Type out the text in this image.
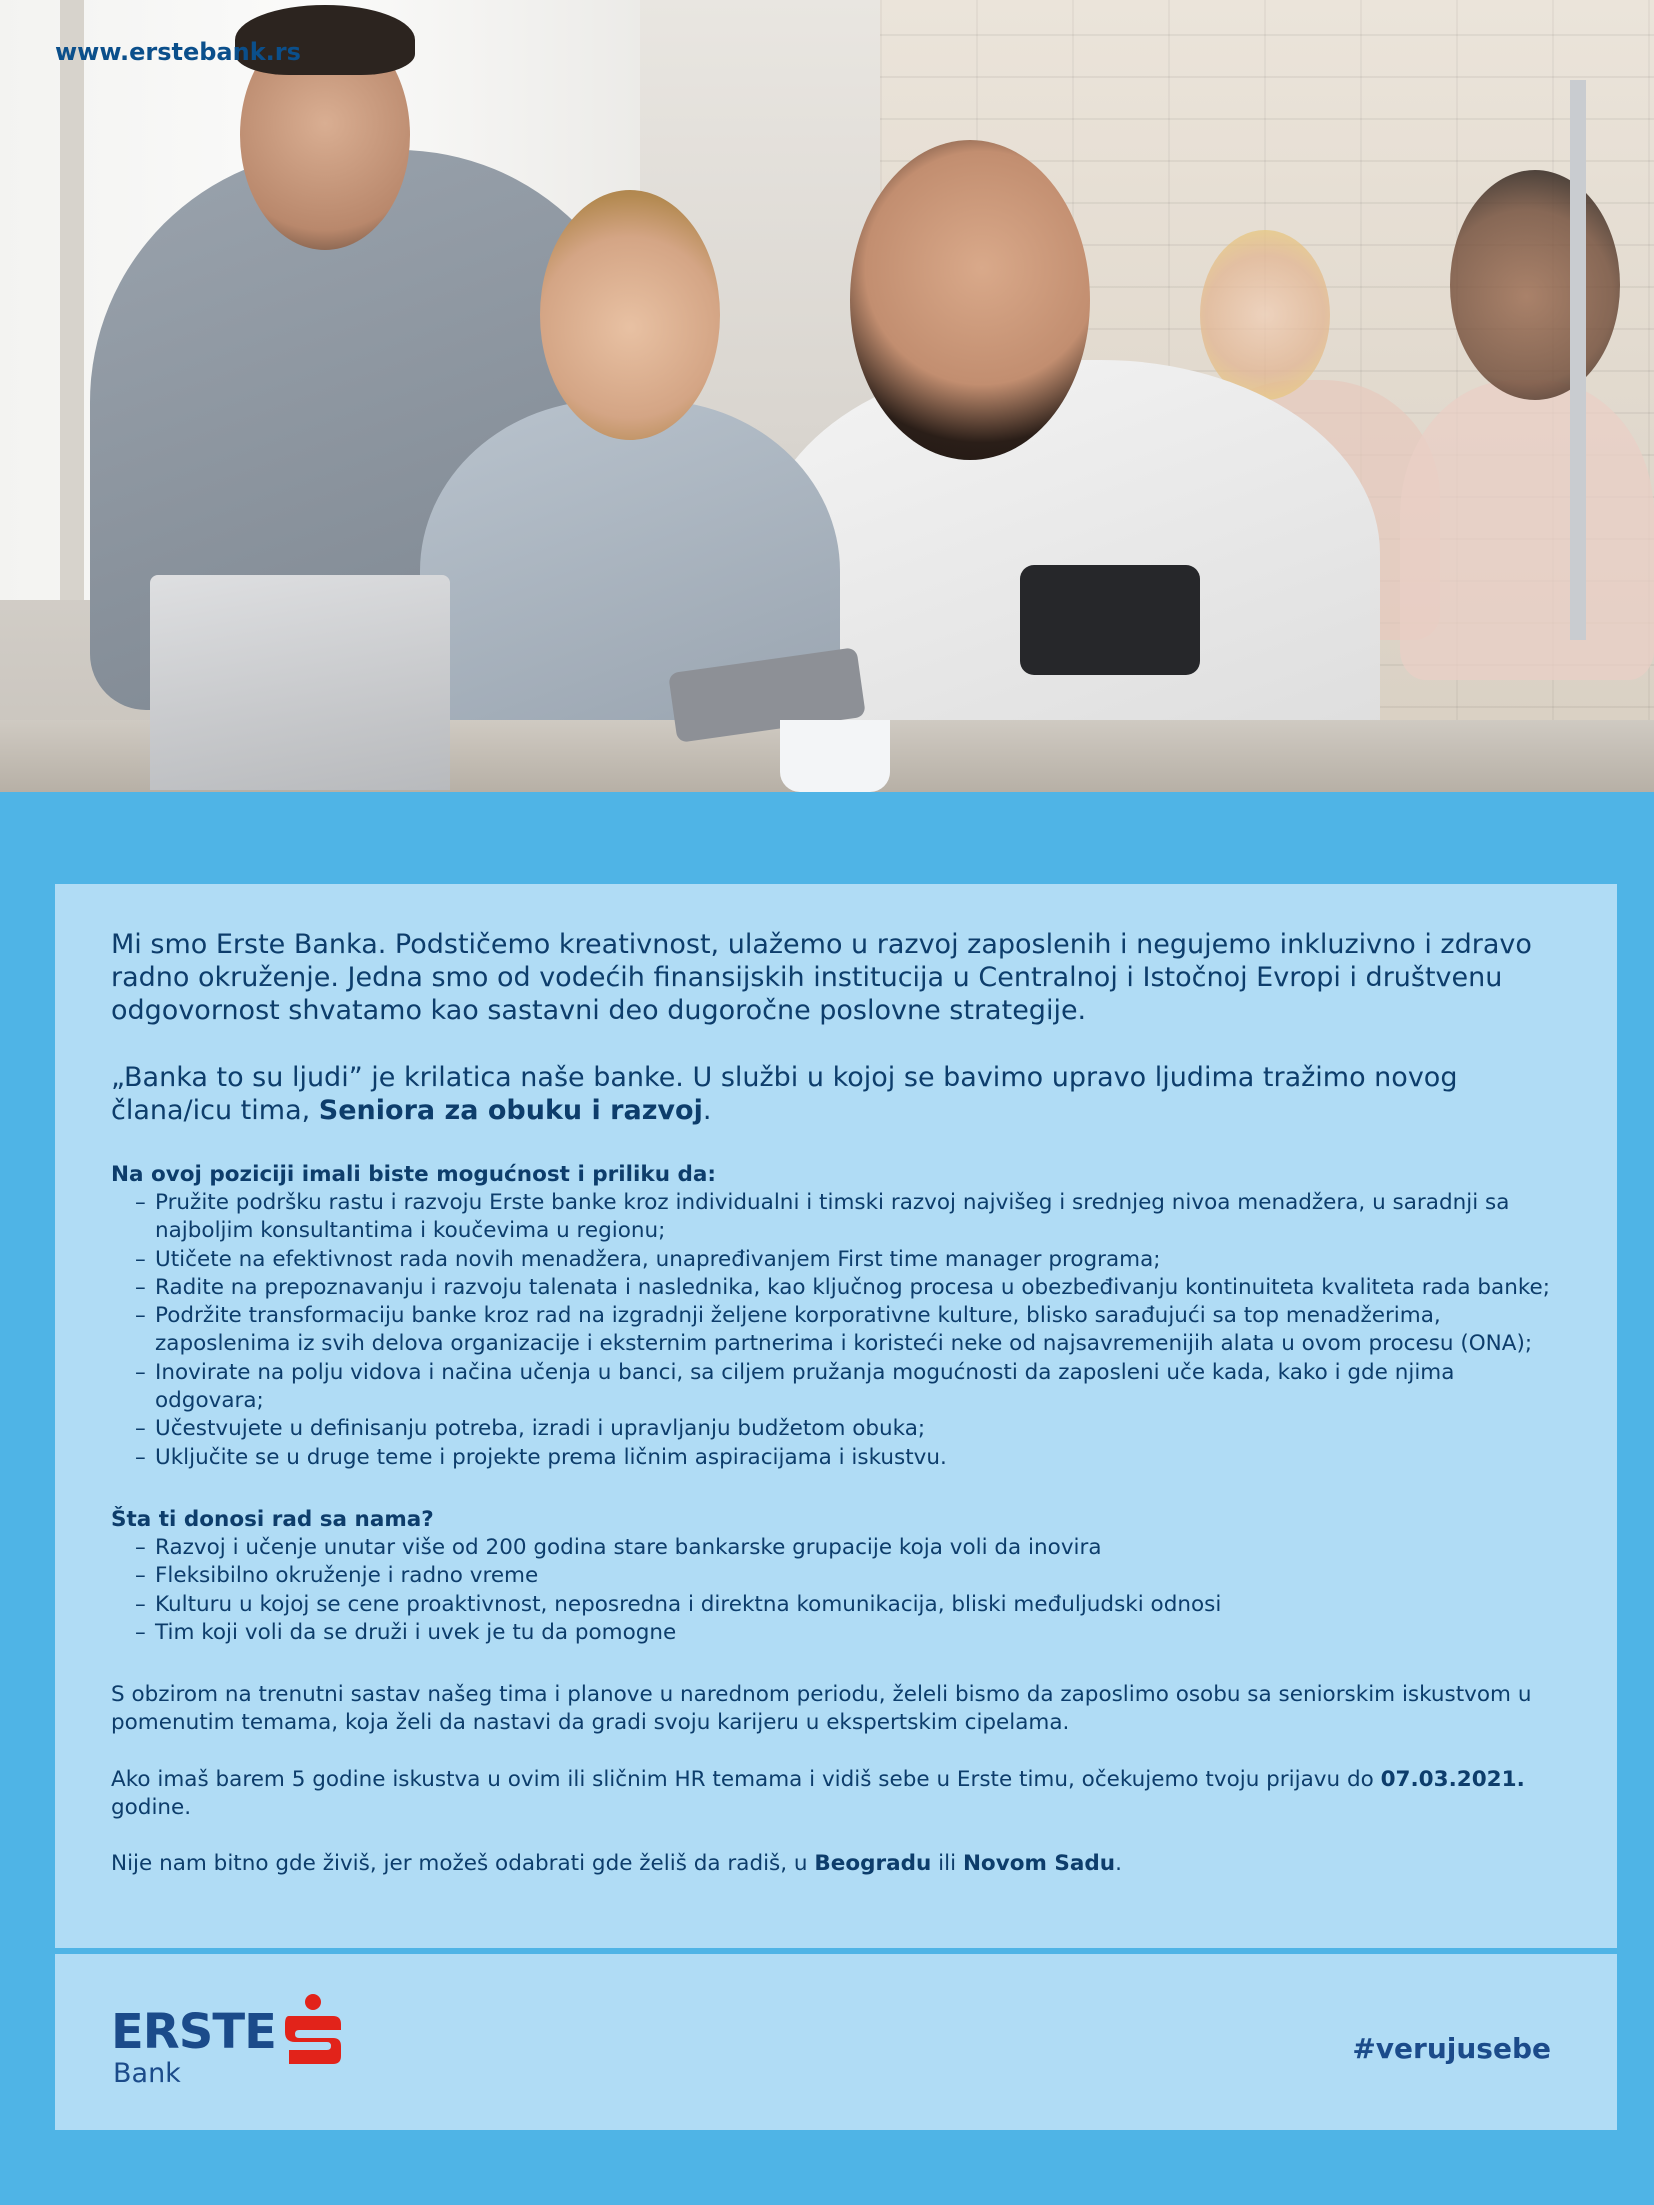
www.erstebank.rs

Mi smo Erste Banka. Podstičemo kreativnost, ulažemo u razvoj zaposlenih i negujemo inkluzivno i zdravo radno okruženje. Jedna smo od vodećih finansijskih institucija u Centralnoj i Istočnoj Evropi i društvenu odgovornost shvatamo kao sastavni deo dugoročne poslovne strategije.

„Banka to su ljudi” je krilatica naše banke. U službi u kojoj se bavimo upravo ljudima tražimo novog člana/icu tima, Seniora za obuku i razvoj.

Na ovoj poziciji imali biste mogućnost i priliku da:

– Pružite podršku rastu i razvoju Erste banke kroz individualni i timski razvoj najvišeg i srednjeg nivoa menadžera, u saradnji sa najboljim konsultantima i koučevima u regionu;
– Utičete na efektivnost rada novih menadžera, unapređivanjem First time manager programa;
– Radite na prepoznavanju i razvoju talenata i naslednika, kao ključnog procesa u obezbeđivanju kontinuiteta kvaliteta rada banke;
– Podržite transformaciju banke kroz rad na izgradnji željene korporativne kulture, blisko sarađujući sa top menadžerima, zaposlenima iz svih delova organizacije i eksternim partnerima i koristeći neke od najsavremenijih alata u ovom procesu (ONA);
– Inovirate na polju vidova i načina učenja u banci, sa ciljem pružanja mogućnosti da zaposleni uče kada, kako i gde njima odgovara;
– Učestvujete u definisanju potreba, izradi i upravljanju budžetom obuka;
– Uključite se u druge teme i projekte prema ličnim aspiracijama i iskustvu.

Šta ti donosi rad sa nama?

– Razvoj i učenje unutar više od 200 godina stare bankarske grupacije koja voli da inovira
– Fleksibilno okruženje i radno vreme
– Kulturu u kojoj se cene proaktivnost, neposredna i direktna komunikacija, bliski međuljudski odnosi
– Tim koji voli da se druži i uvek je tu da pomogne

S obzirom na trenutni sastav našeg tima i planove u narednom periodu, želeli bismo da zaposlimo osobu sa seniorskim iskustvom u pomenutim temama, koja želi da nastavi da gradi svoju karijeru u ekspertskim cipelama.

Ako imaš barem 5 godine iskustva u ovim ili sličnim HR temama i vidiš sebe u Erste timu, očekujemo tvoju prijavu do 07.03.2021. godine.

Nije nam bitno gde živiš, jer možeš odabrati gde želiš da radiš, u Beogradu ili Novom Sadu.

ERSTE
Bank
#verujusebe
